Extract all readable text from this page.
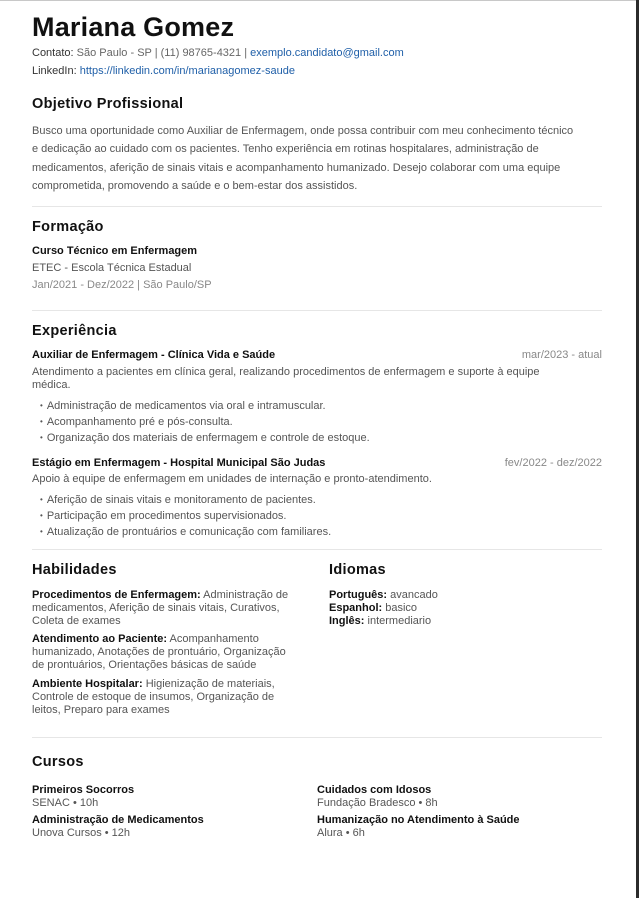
Mariana Gomez
Contato: São Paulo - SP | (11) 98765-4321 | exemplo.candidato@gmail.com
LinkedIn: https://linkedin.com/in/marianagomez-saude
Objetivo Profissional
Busco uma oportunidade como Auxiliar de Enfermagem, onde possa contribuir com meu conhecimento técnico
e dedicação ao cuidado com os pacientes. Tenho experiência em rotinas hospitalares, administração de
medicamentos, aferição de sinais vitais e acompanhamento humanizado. Desejo colaborar com uma equipe
comprometida, promovendo a saúde e o bem-estar dos assistidos.
Formação
Curso Técnico em Enfermagem
ETEC - Escola Técnica Estadual
Jan/2021 - Dez/2022 | São Paulo/SP
Experiência
Auxiliar de Enfermagem - Clínica Vida e Saúde	mar/2023 - atual
Atendimento a pacientes em clínica geral, realizando procedimentos de enfermagem e suporte à equipe
médica.
• Administração de medicamentos via oral e intramuscular.
• Acompanhamento pré e pós-consulta.
• Organização dos materiais de enfermagem e controle de estoque.
Estágio em Enfermagem - Hospital Municipal São Judas	fev/2022 - dez/2022
Apoio à equipe de enfermagem em unidades de internação e pronto-atendimento.
• Aferição de sinais vitais e monitoramento de pacientes.
• Participação em procedimentos supervisionados.
• Atualização de prontuários e comunicação com familiares.
Habilidades
Procedimentos de Enfermagem: Administração de
medicamentos, Aferição de sinais vitais, Curativos,
Coleta de exames
Atendimento ao Paciente: Acompanhamento
humanizado, Anotações de prontuário, Organização
de prontuários, Orientações básicas de saúde
Ambiente Hospitalar: Higienização de materiais,
Controle de estoque de insumos, Organização de
leitos, Preparo para exames
Idiomas
Português: avancado
Espanhol: basico
Inglês: intermediario
Cursos
Primeiros Socorros
SENAC • 10h
Cuidados com Idosos
Fundação Bradesco • 8h
Administração de Medicamentos
Unova Cursos • 12h
Humanização no Atendimento à Saúde
Alura • 6h
